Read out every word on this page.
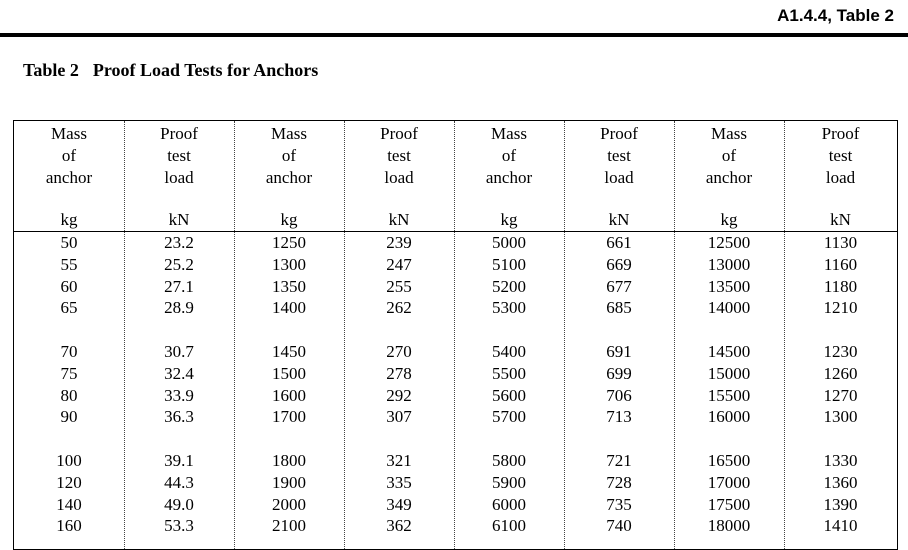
A1.4.4, Table 2
Table 2 Proof Load Tests for Anchors
Mass
of
anchor
kg
50
55
60
65
70
75
80
90
100
120
140
160
Proof
test
load
kN
23.2
25.2
27.1
28.9
30.7
32.4
33.9
36.3
39.1
44.3
49.0
53.3
Mass
of
anchor
kg
1250
1300
1350
1400
1450
1500
1600
1700
1800
1900
2000
2100
Proof
test
load
kN
239
247
255
262
270
278
292
307
321
335
349
362
Mass
of
anchor
kg
5000
5100
5200
5300
5400
5500
5600
5700
5800
5900
6000
6100
Proof
test
load
kN
661
669
677
685
691
699
706
713
721
728
735
740
Mass
of
anchor
kg
12500
13000
13500
14000
14500
15000
15500
16000
16500
17000
17500
18000
Proof
test
load
kN
1130
1160
1180
1210
1230
1260
1270
1300
1330
1360
1390
1410
